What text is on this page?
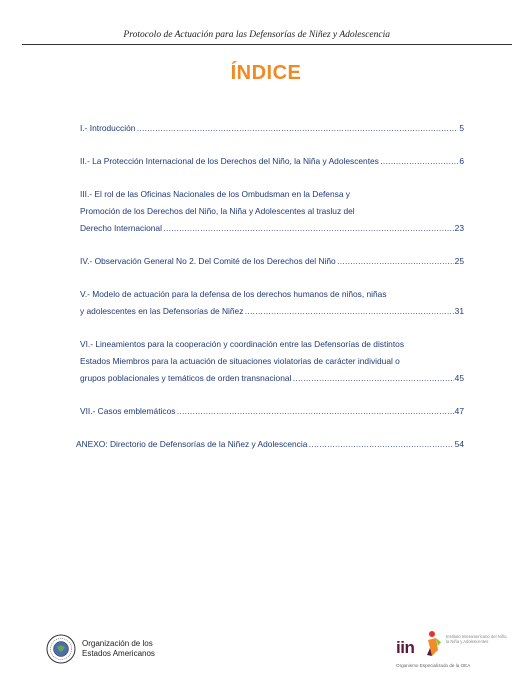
Protocolo de Actuación para las Defensorías de Niñez y Adolescencia
ÍNDICE
I.- Introducción ……………………………………………………………………………………………………………………………………………………………………………………	5
II.- La Protección Internacional de los Derechos del Niño, la Niña y Adolescentes ……………………………………………………………………………………………………………………………………………………………………………………	6
III.- El rol de las Oficinas Nacionales de los Ombudsman en la Defensa y
Promoción de los Derechos del Niño, la Niña y Adolescentes al trasluz del
Derecho Internacional ……………………………………………………………………………………………………………………………………………………………………………………	23
IV.- Observación General No 2. Del Comité de los Derechos del Niño ……………………………………………………………………………………………………………………………………………………………………………………	25
V.- Modelo de actuación para la defensa de los derechos humanos de niños, niñas
y adolescentes en las Defensorías de Niñez ……………………………………………………………………………………………………………………………………………………………………………………	31
VI.- Lineamientos para la cooperación y coordinación entre las Defensorías de distintos
Estados Miembros para la actuación de situaciones violatorias de carácter individual o
grupos poblacionales y temáticos de orden transnacional ……………………………………………………………………………………………………………………………………………………………………………………	45
VII.- Casos emblemáticos ……………………………………………………………………………………………………………………………………………………………………………………	47
ANEXO: Directorio de Defensorías de la Niñez y Adolescencia ……………………………………………………………………………………………………………………………………………………………………………………	54
Organización de los
Estados Americanos	iin
Instituto Interamericano del Niño, la Niña y Adolescentes
Organismo Especializado de la OEA
